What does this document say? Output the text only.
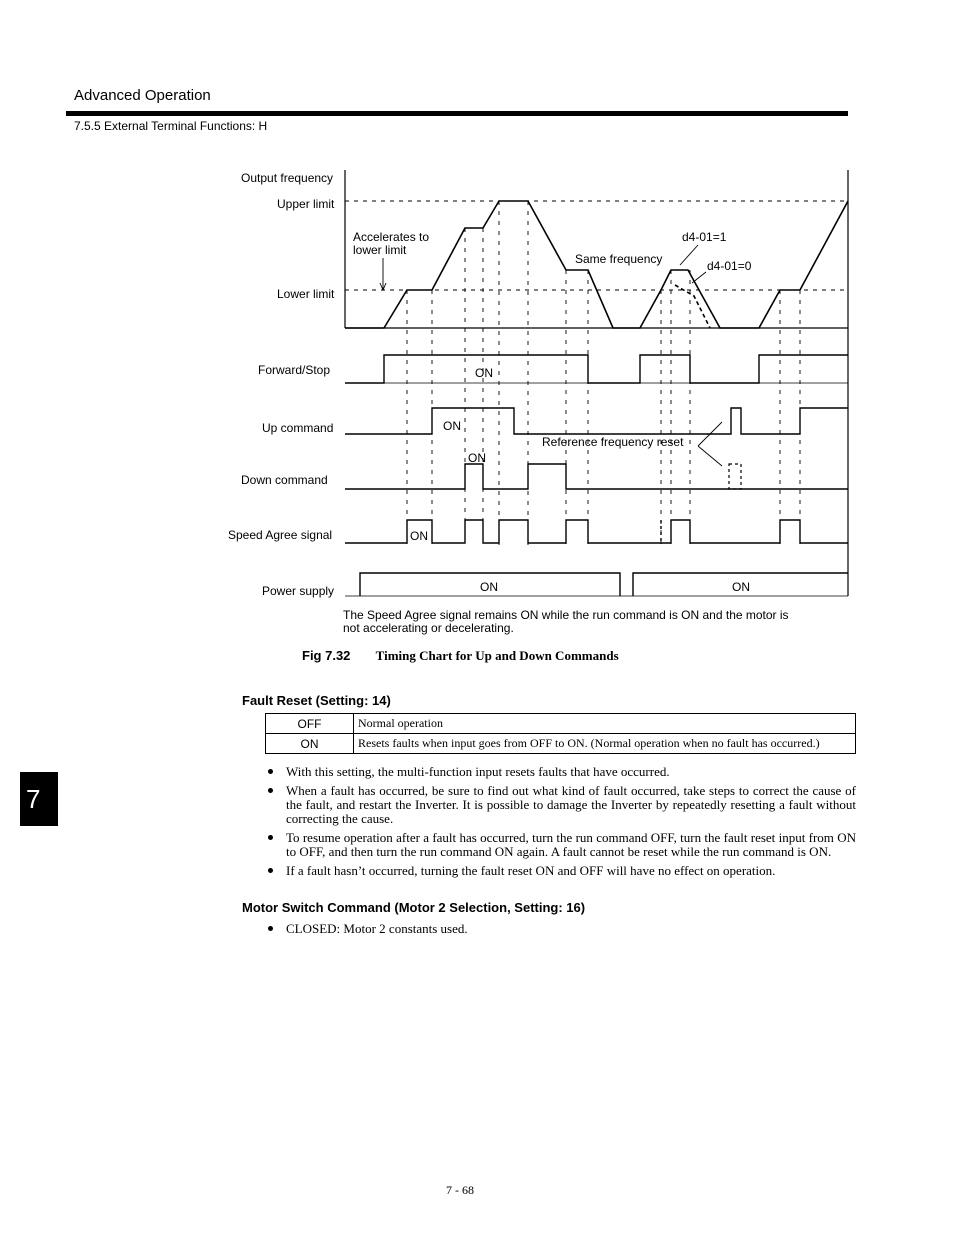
Advanced Operation
7.5.5 External Terminal Functions: H
Output frequency
Upper limit
Lower limit
Forward/Stop
Up command
Down command
Speed Agree signal
Power supply
Accelerates to
lower limit
Same frequency
d4-01=1
d4-01=0
Reference frequency reset
ON
ON
ON
ON
ON	ON
The Speed Agree signal remains ON while the run command is ON and the motor is
not accelerating or decelerating.
Fig 7.32 Timing Chart for Up and Down Commands
Fault Reset (Setting: 14)
OFF	Normal operation
ON	Resets faults when input goes from OFF to ON. (Normal operation when no fault has occurred.)
With this setting, the multi-function input resets faults that have occurred.
When a fault has occurred, be sure to find out what kind of fault occurred, take steps to correct the cause of the fault, and restart the Inverter. It is possible to damage the Inverter by repeatedly resetting a fault without correcting the cause.
To resume operation after a fault has occurred, turn the run command OFF, turn the fault reset input from ON to OFF, and then turn the run command ON again. A fault cannot be reset while the run command is ON.
If a fault hasn’t occurred, turning the fault reset ON and OFF will have no effect on operation.
Motor Switch Command (Motor 2 Selection, Setting: 16)
CLOSED: Motor 2 constants used.
7
7 - 68
